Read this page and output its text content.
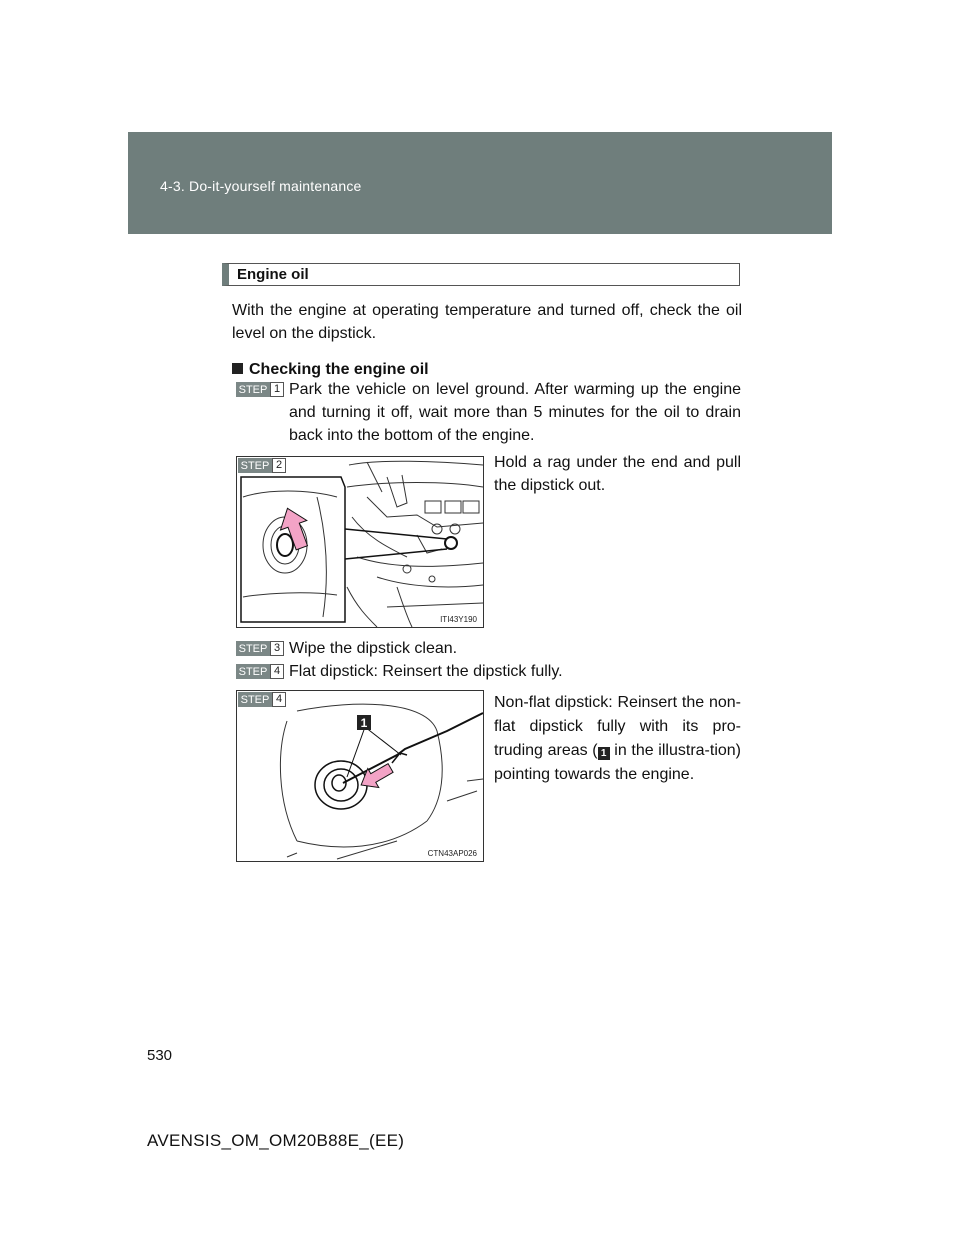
4-3. Do-it-yourself maintenance
Engine oil
With the engine at operating temperature and turned off, check the oil level on the dipstick.
Checking the engine oil
STEP 1 Park the vehicle on level ground. After warming up the engine and turning it off, wait more than 5 minutes for the oil to drain back into the bottom of the engine.
STEP 2
ITI43Y190
Hold a rag under the end and pull the dipstick out.
STEP 3 Wipe the dipstick clean.
STEP 4 Flat dipstick: Reinsert the dipstick fully.
1
STEP 4
CTN43AP026
Non-flat dipstick: Reinsert the non-flat dipstick fully with its pro-truding areas ( 1 in the illustra-tion) pointing towards the engine.
530
AVENSIS_OM_OM20B88E_(EE)
